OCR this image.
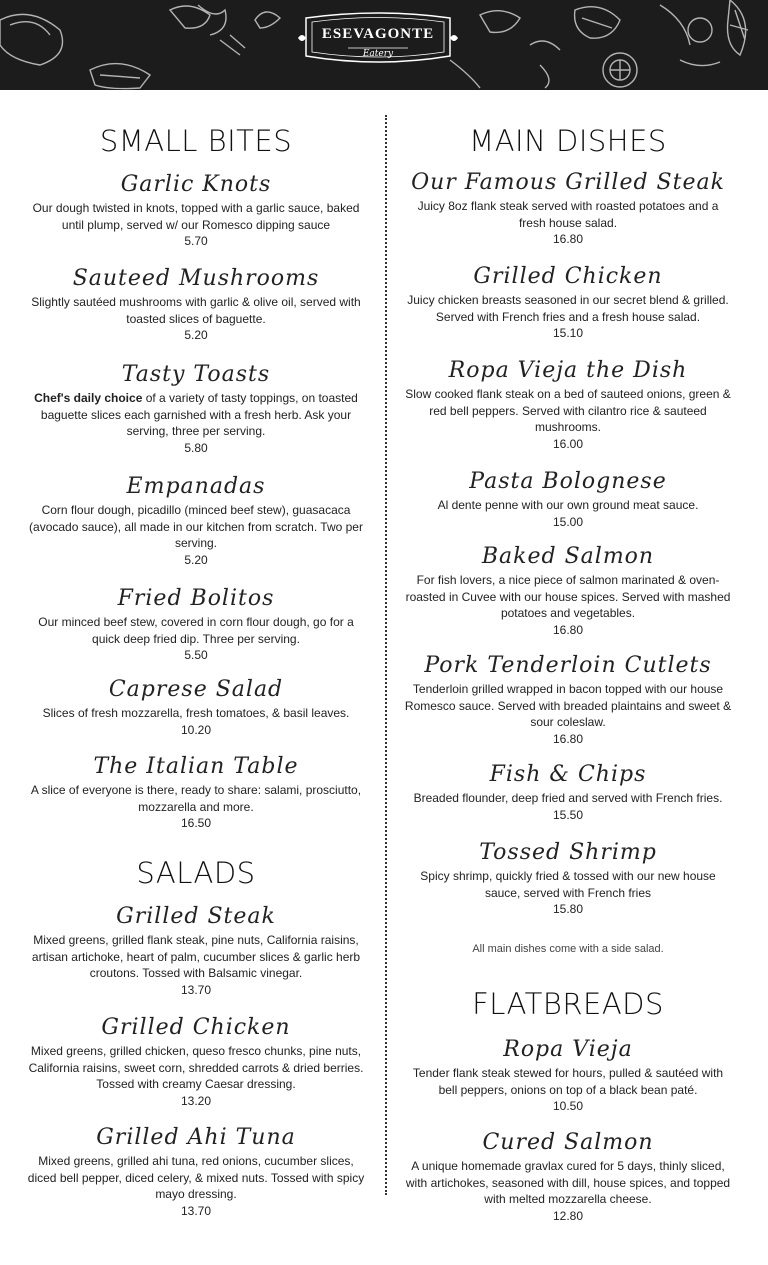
ESEVAGONTE
Eatery
SMALL BITES
Garlic Knots
Our dough twisted in knots, topped with a garlic sauce, baked until plump, served w/ our Romesco dipping sauce
5.70
Sauteed Mushrooms
Slightly sautéed mushrooms with garlic & olive oil, served with toasted slices of baguette.
5.20
Tasty Toasts
Chef's daily choice of a variety of tasty toppings, on toasted baguette slices each garnished with a fresh herb. Ask your serving, three per serving.
5.80
Empanadas
Corn flour dough, picadillo (minced beef stew), guasacaca (avocado sauce), all made in our kitchen from scratch. Two per serving.
5.20
Fried Bolitos
Our minced beef stew, covered in corn flour dough, go for a quick deep fried dip. Three per serving.
5.50
Caprese Salad
Slices of fresh mozzarella, fresh tomatoes, & basil leaves.
10.20
The Italian Table
A slice of everyone is there, ready to share: salami, prosciutto, mozzarella and more.
16.50
SALADS
Grilled Steak
Mixed greens, grilled flank steak, pine nuts, California raisins, artisan artichoke, heart of palm, cucumber slices & garlic herb croutons. Tossed with Balsamic vinegar.
13.70
Grilled Chicken
Mixed greens, grilled chicken, queso fresco chunks, pine nuts, California raisins, sweet corn, shredded carrots & dried berries. Tossed with creamy Caesar dressing.
13.20
Grilled Ahi Tuna
Mixed greens, grilled ahi tuna, red onions, cucumber slices, diced bell pepper, diced celery, & mixed nuts. Tossed with spicy mayo dressing.
13.70
MAIN DISHES
Our Famous Grilled Steak
Juicy 8oz flank steak served with roasted potatoes and a fresh house salad.
16.80
Grilled Chicken
Juicy chicken breasts seasoned in our secret blend & grilled. Served with French fries and a fresh house salad.
15.10
Ropa Vieja the Dish
Slow cooked flank steak on a bed of sauteed onions, green & red bell peppers. Served with cilantro rice & sauteed mushrooms.
16.00
Pasta Bolognese
Al dente penne with our own ground meat sauce.
15.00
Baked Salmon
For fish lovers, a nice piece of salmon marinated & oven-roasted in Cuvee with our house spices. Served with mashed potatoes and vegetables.
16.80
Pork Tenderloin Cutlets
Tenderloin grilled wrapped in bacon topped with our house Romesco sauce. Served with breaded plaintains and sweet & sour coleslaw.
16.80
Fish & Chips
Breaded flounder, deep fried and served with French fries.
15.50
Tossed Shrimp
Spicy shrimp, quickly fried & tossed with our new house sauce, served with French fries
15.80
All main dishes come with a side salad.
FLATBREADS
Ropa Vieja
Tender flank steak stewed for hours, pulled & sautéed with bell peppers, onions on top of a black bean paté.
10.50
Cured Salmon
A unique homemade gravlax cured for 5 days, thinly sliced, with artichokes, seasoned with dill, house spices, and topped with melted mozzarella cheese.
12.80
